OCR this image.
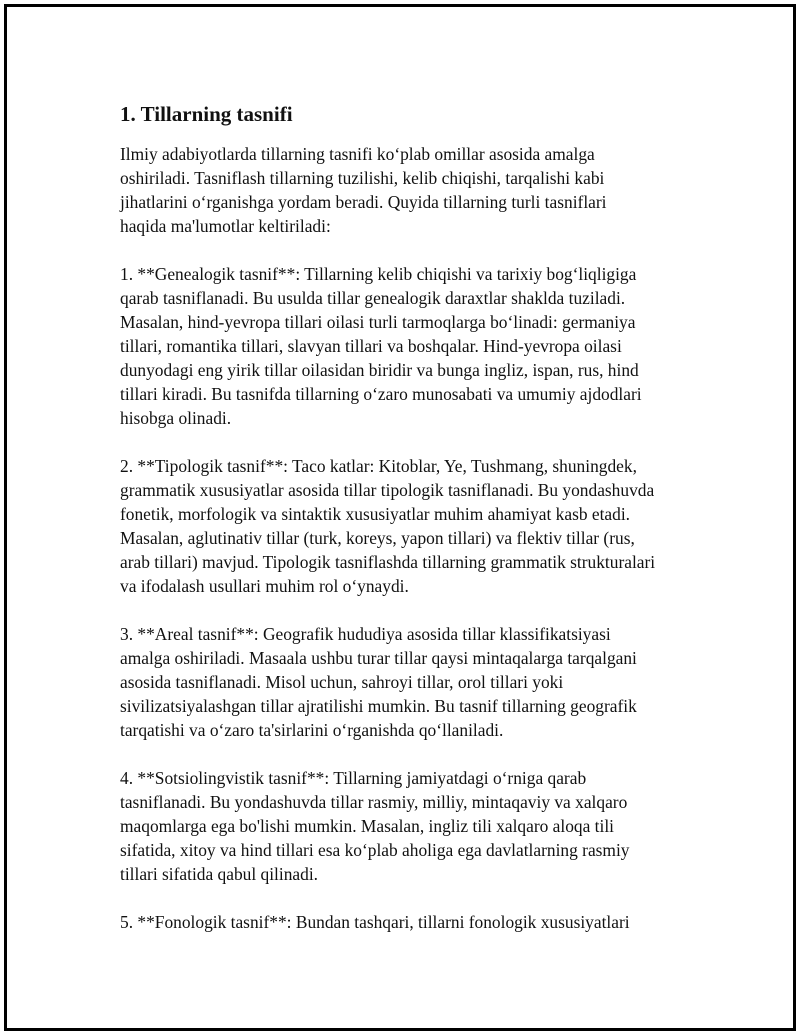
1. Tillarning tasnifi

Ilmiy adabiyotlarda tillarning tasnifi ko‘plab omillar asosida amalga
oshiriladi. Tasniflash tillarning tuzilishi, kelib chiqishi, tarqalishi kabi
jihatlarini o‘rganishga yordam beradi. Quyida tillarning turli tasniflari
haqida ma'lumotlar keltiriladi:

1. **Genealogik tasnif**: Tillarning kelib chiqishi va tarixiy bog‘liqligiga
qarab tasniflanadi. Bu usulda tillar genealogik daraxtlar shaklda tuziladi.
Masalan, hind-yevropa tillari oilasi turli tarmoqlarga bo‘linadi: germaniya
tillari, romantika tillari, slavyan tillari va boshqalar. Hind-yevropa oilasi
dunyodagi eng yirik tillar oilasidan biridir va bunga ingliz, ispan, rus, hind
tillari kiradi. Bu tasnifda tillarning o‘zaro munosabati va umumiy ajdodlari
hisobga olinadi.

2. **Tipologik tasnif**: Taco katlar: Kitoblar, Ye, Tushmang, shuningdek,
grammatik xususiyatlar asosida tillar tipologik tasniflanadi. Bu yondashuvda
fonetik, morfologik va sintaktik xususiyatlar muhim ahamiyat kasb etadi.
Masalan, aglutinativ tillar (turk, koreys, yapon tillari) va flektiv tillar (rus,
arab tillari) mavjud. Tipologik tasniflashda tillarning grammatik strukturalari
va ifodalash usullari muhim rol o‘ynaydi.

3. **Areal tasnif**: Geografik hududiya asosida tillar klassifikatsiyasi
amalga oshiriladi. Masaala ushbu turar tillar qaysi mintaqalarga tarqalgani
asosida tasniflanadi. Misol uchun, sahroyi tillar, orol tillari yoki
sivilizatsiyalashgan tillar ajratilishi mumkin. Bu tasnif tillarning geografik
tarqatishi va o‘zaro ta'sirlarini o‘rganishda qo‘llaniladi.

4. **Sotsiolingvistik tasnif**: Tillarning jamiyatdagi o‘rniga qarab
tasniflanadi. Bu yondashuvda tillar rasmiy, milliy, mintaqaviy va xalqaro
maqomlarga ega bo'lishi mumkin. Masalan, ingliz tili xalqaro aloqa tili
sifatida, xitoy va hind tillari esa ko‘plab aholiga ega davlatlarning rasmiy
tillari sifatida qabul qilinadi.

5. **Fonologik tasnif**: Bundan tashqari, tillarni fonologik xususiyatlari
